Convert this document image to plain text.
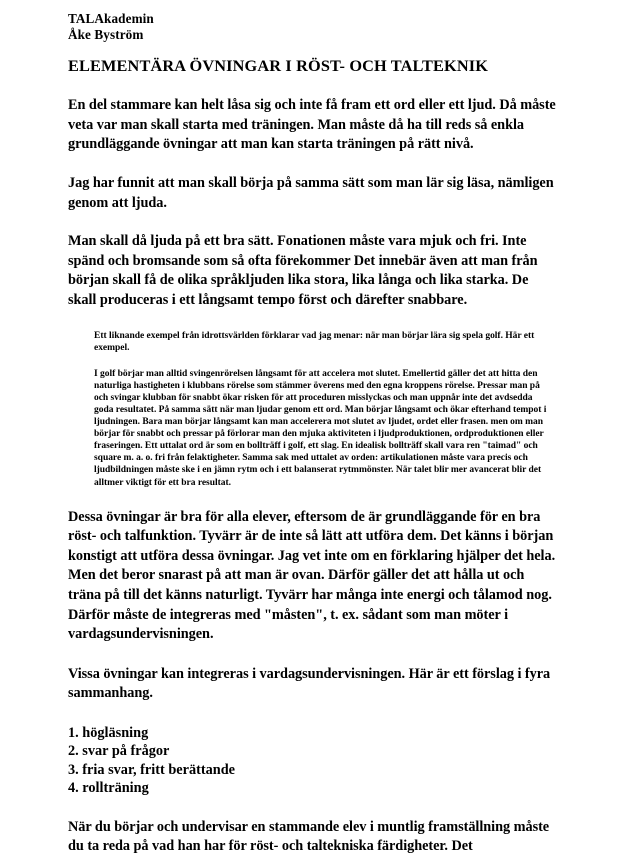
TALAkademin
Åke Byström
ELEMENTÄRA ÖVNINGAR I RÖST- OCH TALTEKNIK

En del stammare kan helt låsa sig och inte få fram ett ord eller ett ljud. Då måste veta var man skall starta med träningen. Man måste då ha till reds så enkla grundläggande övningar att man kan starta träningen på rätt nivå.

Jag har funnit att man skall börja på samma sätt som man lär sig läsa, nämligen genom att ljuda.

Man skall då ljuda på ett bra sätt. Fonationen måste vara mjuk och fri. Inte spänd och bromsande som så ofta förekommer Det innebär även att man från början skall få de olika språkljuden lika stora, lika långa och lika starka. De skall produceras i ett långsamt tempo först och därefter snabbare.

Ett liknande exempel från idrottsvärlden förklarar vad jag menar: när man börjar lära sig spela golf. Här ett exempel.

I golf börjar man alltid svingenrörelsen långsamt för att accelera mot slutet. Emellertid gäller det att hitta den naturliga hastigheten i klubbans rörelse som stämmer överens med den egna kroppens rörelse. Pressar man på och svingar klubban för snabbt ökar risken för att proceduren misslyckas och man uppnår inte det avdsedda goda resultatet. På samma sätt när man ljudar genom ett ord. Man börjar långsamt och ökar efterhand tempot i ljudningen. Bara man börjar långsamt kan man accelerera mot slutet av ljudet, ordet eller frasen. men om man börjar för snabbt och pressar på förlorar man den mjuka aktiviteten i ljudproduktionen, ordproduktionen eller fraseringen. Ett uttalat ord är som en bollträff i golf, ett slag. En idealisk bollträff skall vara ren "taimad" och square m. a. o. fri från felaktigheter. Samma sak med uttalet av orden: artikulationen måste vara precis och ljudbildningen måste ske i en jämn rytm och i ett balanserat rytmmönster. När talet blir mer avancerat blir det alltmer viktigt för ett bra resultat.

Dessa övningar är bra för alla elever, eftersom de är grundläggande för en bra röst- och talfunktion. Tyvärr är de inte så lätt att utföra dem. Det känns i början konstigt att utföra dessa övningar. Jag vet inte om en förklaring hjälper det hela. Men det beror snarast på att man är ovan. Därför gäller det att hålla ut och träna på till det känns naturligt. Tyvärr har många inte energi och tålamod nog. Därför måste de integreras med "måsten", t. ex. sådant som man möter i vardagsundervisningen.

Vissa övningar kan integreras i vardagsundervisningen. Här är ett förslag i fyra sammanhang.

1. högläsning
2. svar på frågor
3. fria svar, fritt berättande
4. rollträning

När du börjar och undervisar en stammande elev i muntlig framställning måste du ta reda på vad han har för röst- och taltekniska färdigheter. Det
